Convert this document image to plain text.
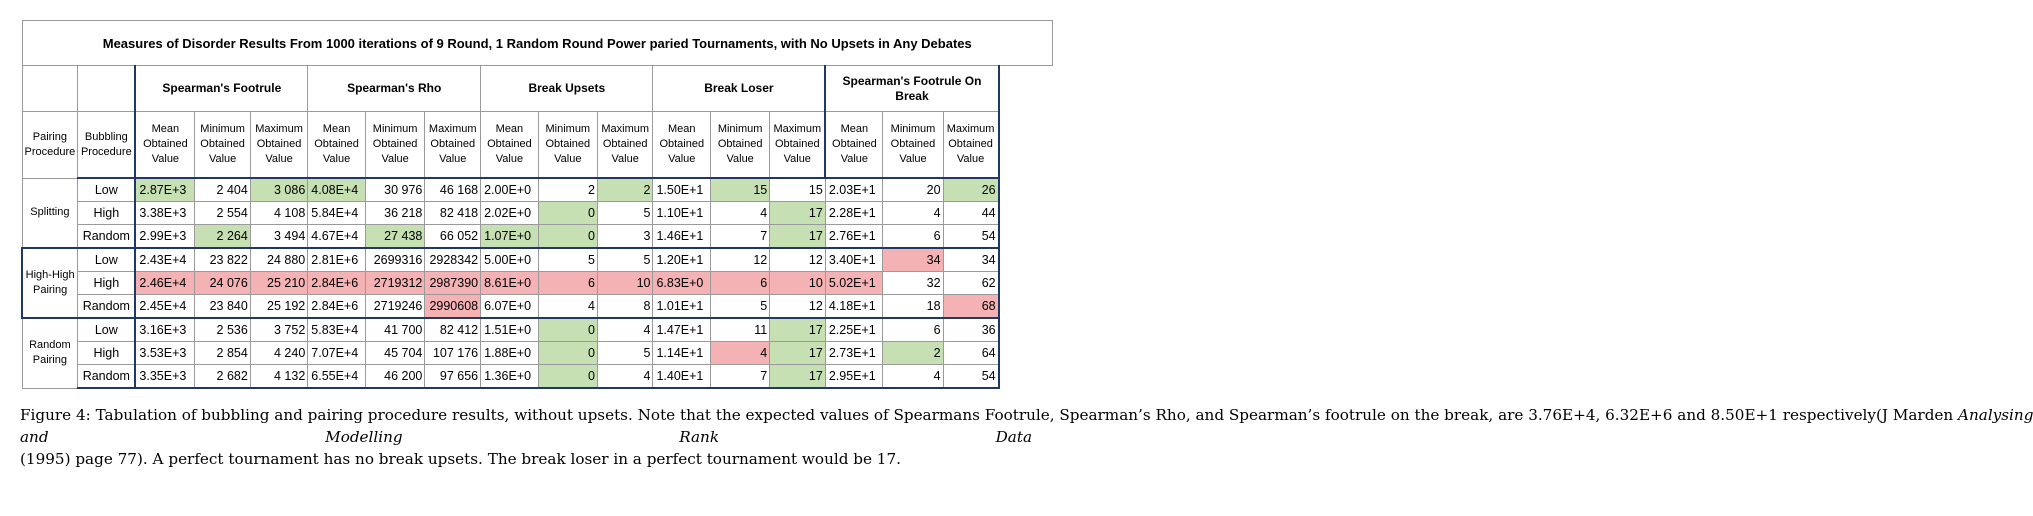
Measures of Disorder Results From 1000 iterations of 9 Round, 1 Random Round Power paried Tournaments, with No Upsets in Any Debates																
		Spearman's Footrule			Spearman's Rho			Break Upsets			Break Loser			Spearman's Footrule On Break		
Pairing Procedure	Bubbling Procedure	Mean Obtained Value	Minimum Obtained Value	Maximum Obtained Value	Mean Obtained Value	Minimum Obtained Value	Maximum Obtained Value	Mean Obtained Value	Minimum Obtained Value	Maximum Obtained Value	Mean Obtained Value	Minimum Obtained Value	Maximum Obtained Value	Mean Obtained Value	Minimum Obtained Value	Maximum Obtained Value
Splitting	Low	2.87E+3	2 404	3 086	4.08E+4	30 976	46 168	2.00E+0	2	2	1.50E+1	15	15	2.03E+1	20	26
	High	3.38E+3	2 554	4 108	5.84E+4	36 218	82 418	2.02E+0	0	5	1.10E+1	4	17	2.28E+1	4	44
	Random	2.99E+3	2 264	3 494	4.67E+4	27 438	66 052	1.07E+0	0	3	1.46E+1	7	17	2.76E+1	6	54
High-High Pairing	Low	2.43E+4	23 822	24 880	2.81E+6	2699316	2928342	5.00E+0	5	5	1.20E+1	12	12	3.40E+1	34	34
	High	2.46E+4	24 076	25 210	2.84E+6	2719312	2987390	8.61E+0	6	10	6.83E+0	6	10	5.02E+1	32	62
	Random	2.45E+4	23 840	25 192	2.84E+6	2719246	2990608	6.07E+0	4	8	1.01E+1	5	12	4.18E+1	18	68
Random Pairing	Low	3.16E+3	2 536	3 752	5.83E+4	41 700	82 412	1.51E+0	0	4	1.47E+1	11	17	2.25E+1	6	36
	High	3.53E+3	2 854	4 240	7.07E+4	45 704	107 176	1.88E+0	0	5	1.14E+1	4	17	2.73E+1	2	64
	Random	3.35E+3	2 682	4 132	6.55E+4	46 200	97 656	1.36E+0	0	4	1.40E+1	7	17	2.95E+1	4	54
Figure 4: Tabulation of bubbling and pairing procedure results, without upsets. Note that the expected values of Spearmans Footrule, Spearman’s Rho, and Spearman’s footrule on the break, are 3.76E+4, 6.32E+6 and 8.50E+1 respectively(J Marden Analysing and Modelling Rank Data (1995) page 77). A perfect tournament has no break upsets. The break loser in a perfect tournament would be 17.
